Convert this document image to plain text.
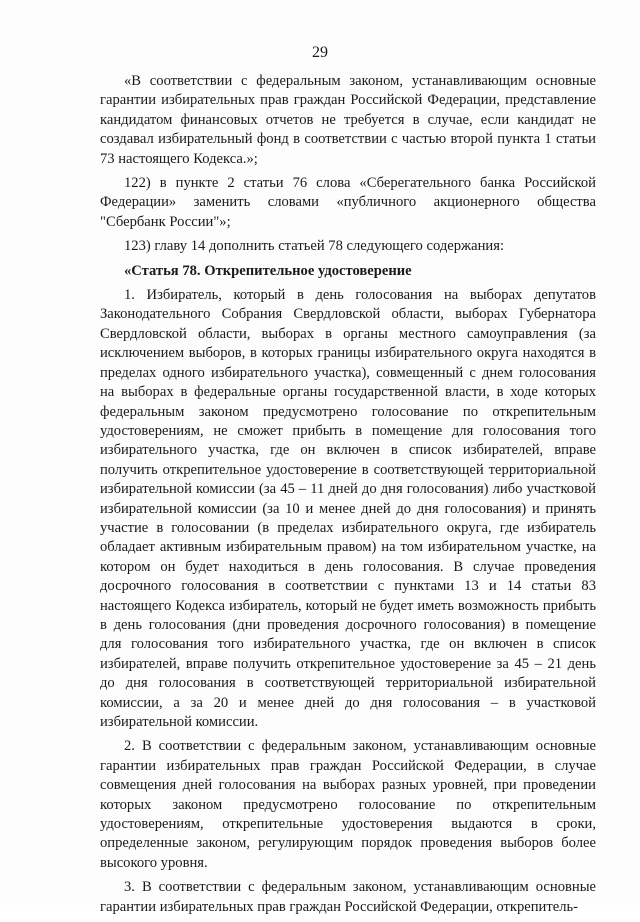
29

«В соответствии с федеральным законом, устанавливающим основные гарантии избирательных прав граждан Российской Федерации, представление кандидатом финансовых отчетов не требуется в случае, если кандидат не создавал избирательный фонд в соответствии с частью второй пункта 1 статьи 73 настоящего Кодекса.»;

122) в пункте 2 статьи 76 слова «Сберегательного банка Российской Федерации» заменить словами «публичного акционерного общества "Сбербанк России"»;

123) главу 14 дополнить статьей 78 следующего содержания:

«Статья 78. Открепительное удостоверение

1. Избиратель, который в день голосования на выборах депутатов Законодательного Собрания Свердловской области, выборах Губернатора Свердловской области, выборах в органы местного самоуправления (за исключением выборов, в которых границы избирательного округа находятся в пределах одного избирательного участка), совмещенный с днем голосования на выборах в федеральные органы государственной власти, в ходе которых федеральным законом предусмотрено голосование по открепительным удостоверениям, не сможет прибыть в помещение для голосования того избирательного участка, где он включен в список избирателей, вправе получить открепительное удостоверение в соответствующей территориальной избирательной комиссии (за 45 – 11 дней до дня голосования) либо участковой избирательной комиссии (за 10 и менее дней до дня голосования) и принять участие в голосовании (в пределах избирательного округа, где избиратель обладает активным избирательным правом) на том избирательном участке, на котором он будет находиться в день голосования. В случае проведения досрочного голосования в соответствии с пунктами 13 и 14 статьи 83 настоящего Кодекса избиратель, который не будет иметь возможность прибыть в день голосования (дни проведения досрочного голосования) в помещение для голосования того избирательного участка, где он включен в список избирателей, вправе получить открепительное удостоверение за 45 – 21 день до дня голосования в соответствующей территориальной избирательной комиссии, а за 20 и менее дней до дня голосования – в участковой избирательной комиссии.

2. В соответствии с федеральным законом, устанавливающим основные гарантии избирательных прав граждан Российской Федерации, в случае совмещения дней голосования на выборах разных уровней, при проведении которых законом предусмотрено голосование по открепительным удостоверениям, открепительные удостоверения выдаются в сроки, определенные законом, регулирующим порядок проведения выборов более высокого уровня.

3. В соответствии с федеральным законом, устанавливающим основные гарантии избирательных прав граждан Российской Федерации, открепитель-
